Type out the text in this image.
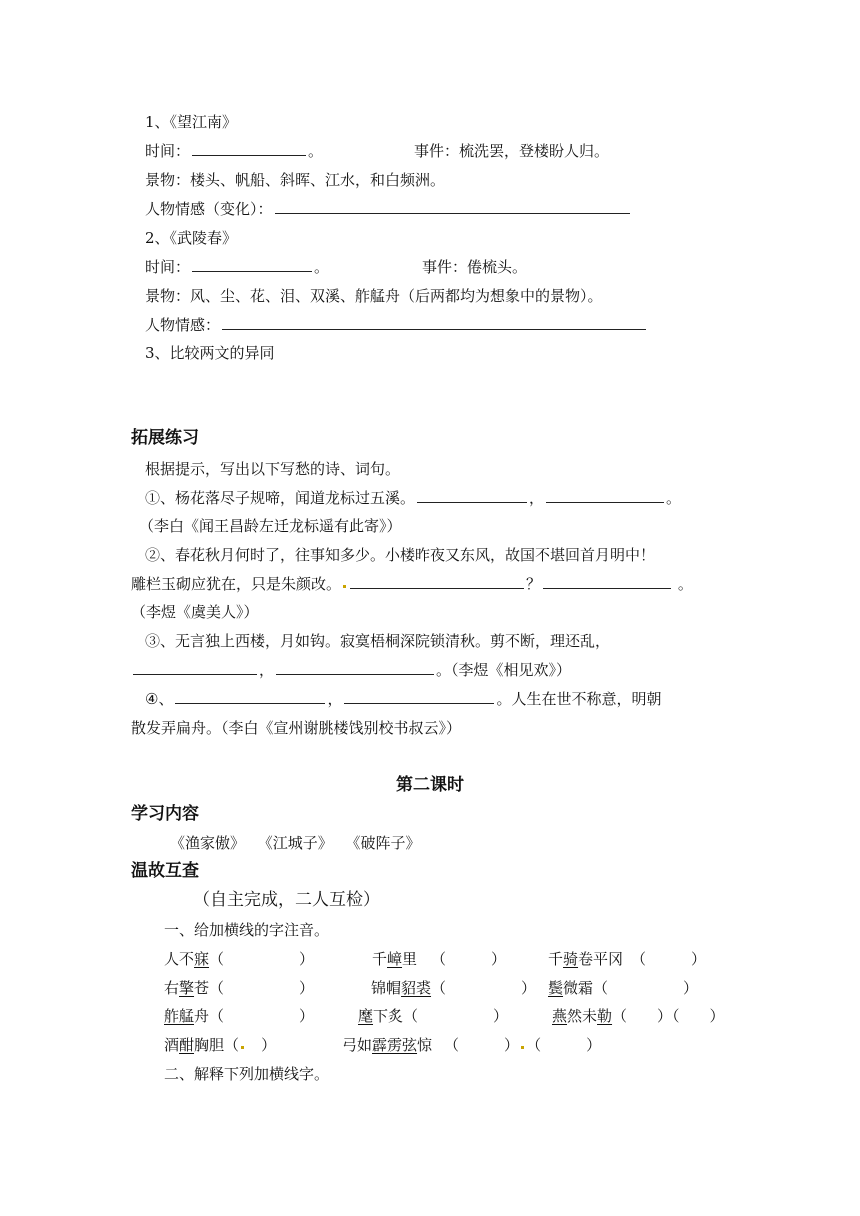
1、《望江南》
时间：	。	事件：梳洗罢，登楼盼人归。
景物：楼头、帆船、斜晖、江水，和白频洲。
人物情感（变化）：
2、《武陵春》
时间：	。	事件：倦梳头。
景物：风、尘、花、泪、双溪、舴艋舟（后两都均为想象中的景物）。
人物情感：
3、比较两文的异同
拓展练习
根据提示，写出以下写愁的诗、词句。
①、杨花落尽子规啼，闻道龙标过五溪。	，	。
（李白《闻王昌龄左迁龙标遥有此寄》）
②、春花秋月何时了，往事知多少。小楼昨夜又东风，故国不堪回首月明中！
雕栏玉砌应犹在，只是朱颜改。	？	。
（李煜《虞美人》）
③、无言独上西楼，月如钩。寂寞梧桐深院锁清秋。剪不断，理还乱，
，	。（李煜《相见欢》）
④、	，	。人生在世不称意，明朝
散发弄扁舟。（李白《宣州谢朓楼饯别校书叔云》）
第二课时
学习内容
《渔家傲》 《江城子》 《破阵子》
温故互查
（自主完成，二人互检）
一、给加横线的字注音。
人不寐（　　　　　）	千嶂里 （　　　）	千骑卷平冈 （　　　）
右擎苍（　　　　　）	锦帽貂裘（　　　　　） 鬓微霜（　　　　　）
舴艋舟（　　　　　）	麾下炙（　　　　　）	燕然未勒（　　）（　　）
酒酣胸胆（　）	弓如霹雳弦惊 （　　　） （　　　）
二、解释下列加横线字。
